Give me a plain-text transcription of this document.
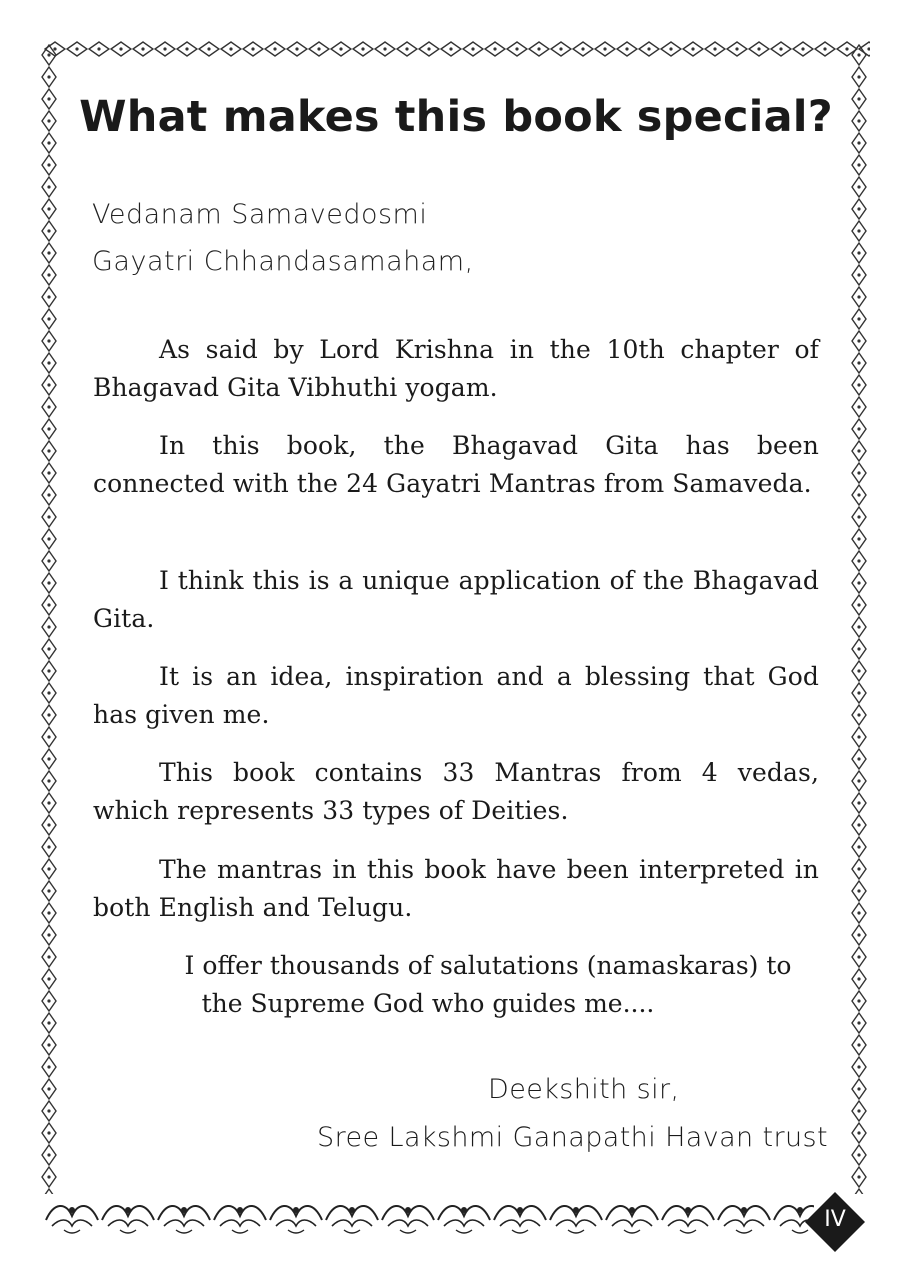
What makes this book special?
Vedanam Samavedosmi
Gayatri Chhandasamaham,

As said by Lord Krishna in the 10th chapter of Bhagavad Gita Vibhuthi yogam.

In this book, the Bhagavad Gita has been connected with the 24 Gayatri Mantras from Samaveda.

I think this is a unique application of the Bhagavad Gita.

It is an idea, inspiration and a blessing that God has given me.

This book contains 33 Mantras from 4 vedas, which represents 33 types of Deities.

The mantras in this book have been interpreted in both English and Telugu.

I offer thousands of salutations (namaskaras) to
the Supreme God who guides me....
Deekshith sir,
Sree Lakshmi Ganapathi Havan trust
IV
